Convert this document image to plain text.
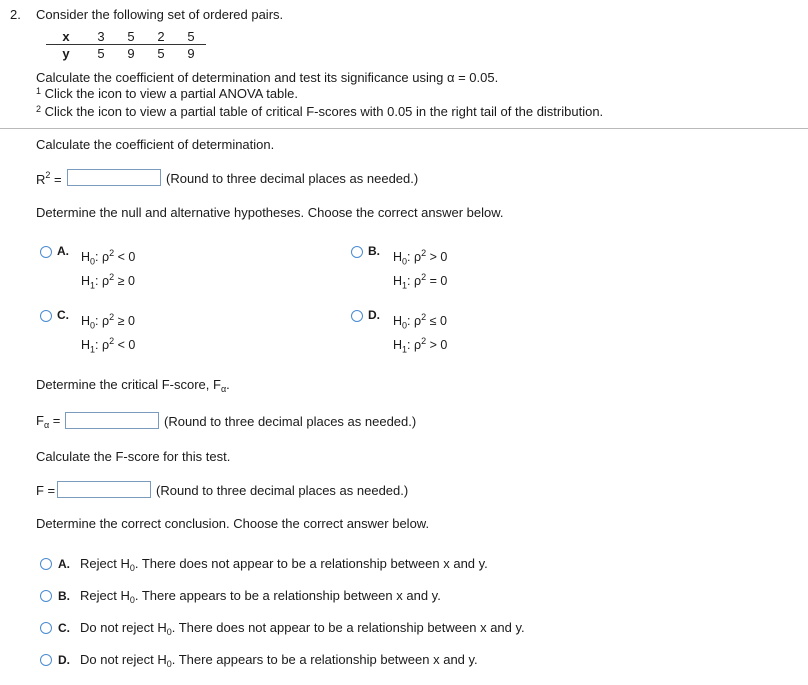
2. Consider the following set of ordered pairs.
x	3	5	2	5
y	5	9	5	9
Calculate the coefficient of determination and test its significance using α = 0.05.
$^1$ Click the icon to view a partial ANOVA table.
$^2$ Click the icon to view a partial table of critical F-scores with 0.05 in the right tail of the distribution.
Calculate the coefficient of determination.
$R^2$ =	(Round to three decimal places as needed.)
Determine the null and alternative hypotheses. Choose the correct answer below.
A. $H_0$: $\rho^2 < 0$
$H_1$: $\rho^2 \ge 0$
B. $H_0$: $\rho^2 > 0$
$H_1$: $\rho^2 = 0$
C. $H_0$: $\rho^2 \ge 0$
$H_1$: $\rho^2 < 0$
D. $H_0$: $\rho^2 \le 0$
$H_1$: $\rho^2 > 0$
Determine the critical F-score, $F_\alpha$.
$F_\alpha$ =	(Round to three decimal places as needed.)
Calculate the F-score for this test.
F =	(Round to three decimal places as needed.)
Determine the correct conclusion. Choose the correct answer below.
A. Reject $H_0$. There does not appear to be a relationship between x and y.
B. Reject $H_0$. There appears to be a relationship between x and y.
C. Do not reject $H_0$. There does not appear to be a relationship between x and y.
D. Do not reject $H_0$. There appears to be a relationship between x and y.
